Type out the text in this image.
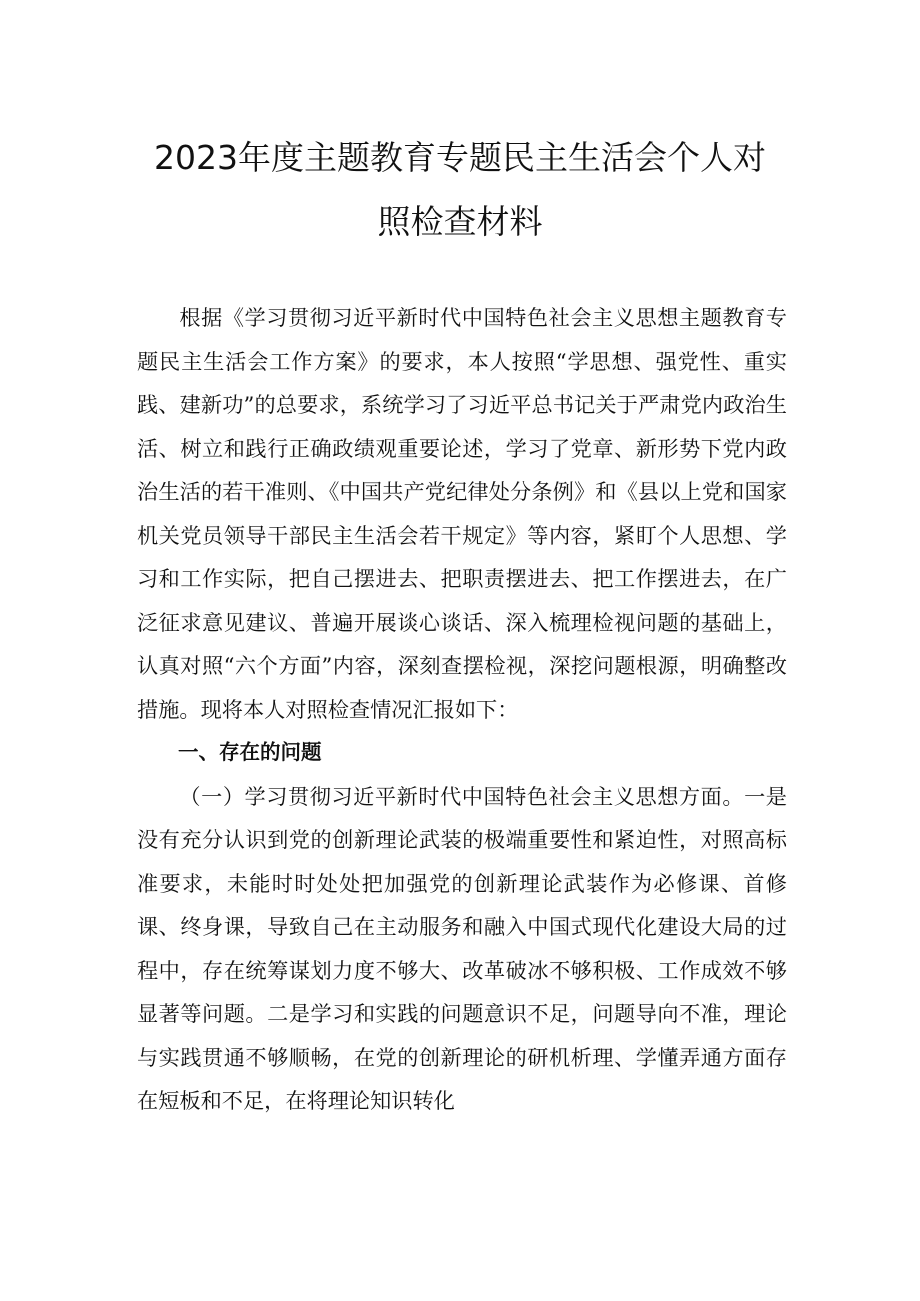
2023年度主题教育专题民主生活会个人对
照检查材料

根据《学习贯彻习近平新时代中国特色社会主义思想主题教育专题民主生活会工作方案》的要求，本人按照“学思想、强党性、重实践、建新功”的总要求，系统学习了习近平总书记关于严肃党内政治生活、树立和践行正确政绩观重要论述，学习了党章、新形势下党内政治生活的若干准则、《中国共产党纪律处分条例》和《县以上党和国家机关党员领导干部民主生活会若干规定》等内容，紧盯个人思想、学习和工作实际，把自己摆进去、把职责摆进去、把工作摆进去，在广泛征求意见建议、普遍开展谈心谈话、深入梳理检视问题的基础上，认真对照“六个方面”内容，深刻查摆检视，深挖问题根源，明确整改措施。现将本人对照检查情况汇报如下：

一、存在的问题

（一）学习贯彻习近平新时代中国特色社会主义思想方面。一是没有充分认识到党的创新理论武装的极端重要性和紧迫性，对照高标准要求，未能时时处处把加强党的创新理论武装作为必修课、首修课、终身课，导致自己在主动服务和融入中国式现代化建设大局的过程中，存在统筹谋划力度不够大、改革破冰不够积极、工作成效不够显著等问题。二是学习和实践的问题意识不足，问题导向不准，理论与实践贯通不够顺畅，在党的创新理论的研机析理、学懂弄通方面存在短板和不足，在将理论知识转化
